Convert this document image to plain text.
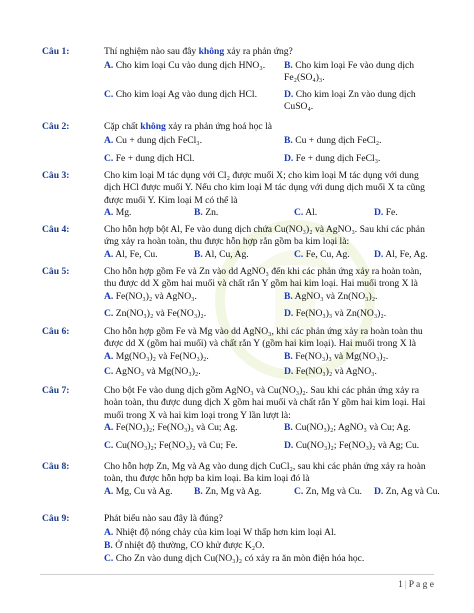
Câu 1:	Thí nghiệm nào sau đây không xảy ra phản ứng?
A. Cho kim loại Cu vào dung dịch HNO₃.	B. Cho kim loại Fe vào dung dịch Fe₂(SO₄)₃.
C. Cho kim loại Ag vào dung dịch HCl.	D. Cho kim loại Zn vào dung dịch CuSO₄.
Câu 2:	Cặp chất không xảy ra phản ứng hoá học là
A. Cu + dung dịch FeCl₃.	B. Cu + dung dịch FeCl₂.
C. Fe + dung dịch HCl.	D. Fe + dung dịch FeCl₃.
Câu 3:	Cho kim loại M tác dụng với Cl₂ được muối X; cho kim loại M tác dụng với dung dịch HCl được muối Y. Nếu cho kim loại M tác dụng với dung dịch muối X ta cũng được muối Y. Kim loại M có thể là
A. Mg.	B. Zn.	C. Al.	D. Fe.
Câu 4:	Cho hỗn hợp bột Al, Fe vào dung dịch chứa Cu(NO₃)₂ và AgNO₃. Sau khi các phản ứng xảy ra hoàn toàn, thu được hỗn hợp rắn gồm ba kim loại là:
A. Al, Fe, Cu.	B. Al, Cu, Ag.	C. Fe, Cu, Ag.	D. Al, Fe, Ag.
Câu 5:	Cho hỗn hợp gồm Fe và Zn vào dd AgNO₃ đến khi các phản ứng xảy ra hoàn toàn, thu được dd X gồm hai muối và chất rắn Y gồm hai kim loại. Hai muối trong X là
A. Fe(NO₃)₂ và AgNO₃.	B. AgNO₃ và Zn(NO₃)₂.
C. Zn(NO₃)₂ và Fe(NO₃)₂.	D. Fe(NO₃)₃ và Zn(NO₃)₂.
Câu 6:	Cho hỗn hợp gồm Fe và Mg vào dd AgNO₃, khi các phản ứng xảy ra hoàn toàn thu được dd X (gồm hai muối) và chất rắn Y (gồm hai kim loại). Hai muối trong X là
A. Mg(NO₃)₂ và Fe(NO₃)₂.	B. Fe(NO₃)₃ và Mg(NO₃)₂.
C. AgNO₃ và Mg(NO₃)₂.	D. Fe(NO₃)₂ và AgNO₃.
Câu 7:	Cho bột Fe vào dung dịch gồm AgNO₃ và Cu(NO₃)₂. Sau khi các phản ứng xảy ra hoàn toàn, thu được dung dịch X gồm hai muối và chất rắn Y gồm hai kim loại. Hai muối trong X và hai kim loại trong Y lần lượt là:
A. Fe(NO₃)₂; Fe(NO₃)₃ và Cu; Ag.	B. Cu(NO₃)₂; AgNO₃ và Cu; Ag.
C. Cu(NO₃)₂; Fe(NO₃)₂ và Cu; Fe.	D. Cu(NO₃)₂; Fe(NO₃)₂ và Ag; Cu.
Câu 8:	Cho hỗn hợp Zn, Mg và Ag vào dung dịch CuCl₂, sau khi các phản ứng xảy ra hoàn toàn, thu được hỗn hợp ba kim loại. Ba kim loại đó là
A. Mg, Cu và Ag. B. Zn, Mg và Ag.	C. Zn, Mg và Cu. D. Zn, Ag và Cu.
Câu 9:	Phát biểu nào sau đây là đúng?
A. Nhiệt độ nóng chảy của kim loại W thấp hơn kim loại Al.
B. Ở nhiệt độ thường, CO khử được K₂O.
C. Cho Zn vào dung dịch Cu(NO₃)₂ có xảy ra ăn mòn điện hóa học.
1 | P a g e
